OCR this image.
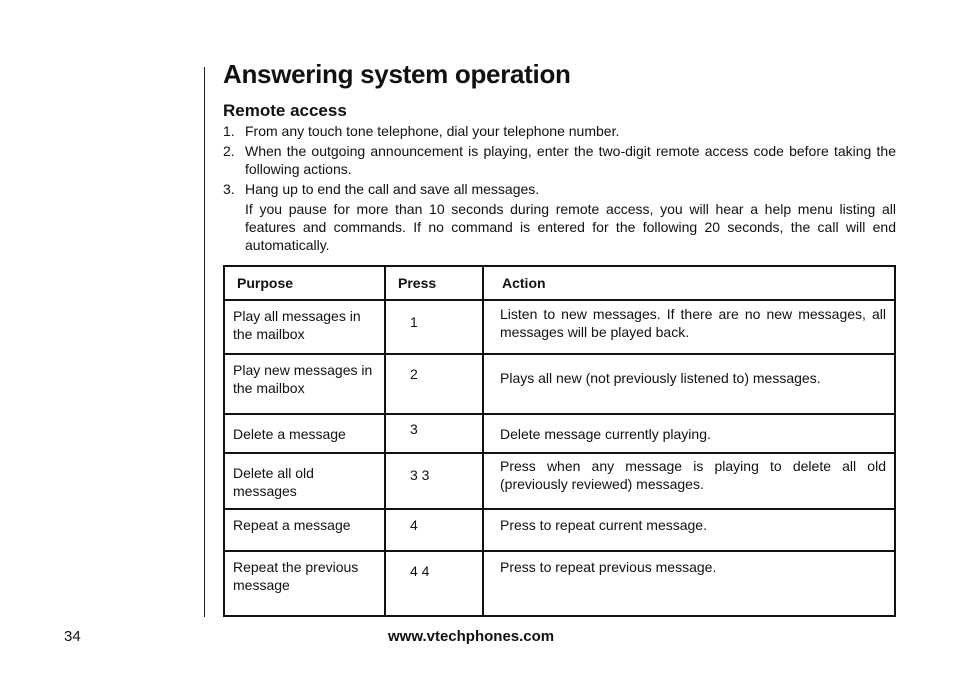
Answering system operation
Remote access
1. From any touch tone telephone, dial your telephone number.
2. When the outgoing announcement is playing, enter the two-digit remote access code before taking the following actions.
3. Hang up to end the call and save all messages.
If you pause for more than 10 seconds during remote access, you will hear a help menu listing all features and commands. If no command is entered for the following 20 seconds, the call will end automatically.
Purpose	Press	Action
Play all messages in the mailbox	1	Listen to new messages. If there are no new messages, all messages will be played back.
Play new messages in the mailbox	2	Plays all new (not previously listened to) messages.
Delete a message	3	Delete message currently playing.
Delete all old messages	3 3	Press when any message is playing to delete all old (previously reviewed) messages.
Repeat a message	4	Press to repeat current message.
Repeat the previous message	4 4	Press to repeat previous message.
34	www.vtechphones.com
